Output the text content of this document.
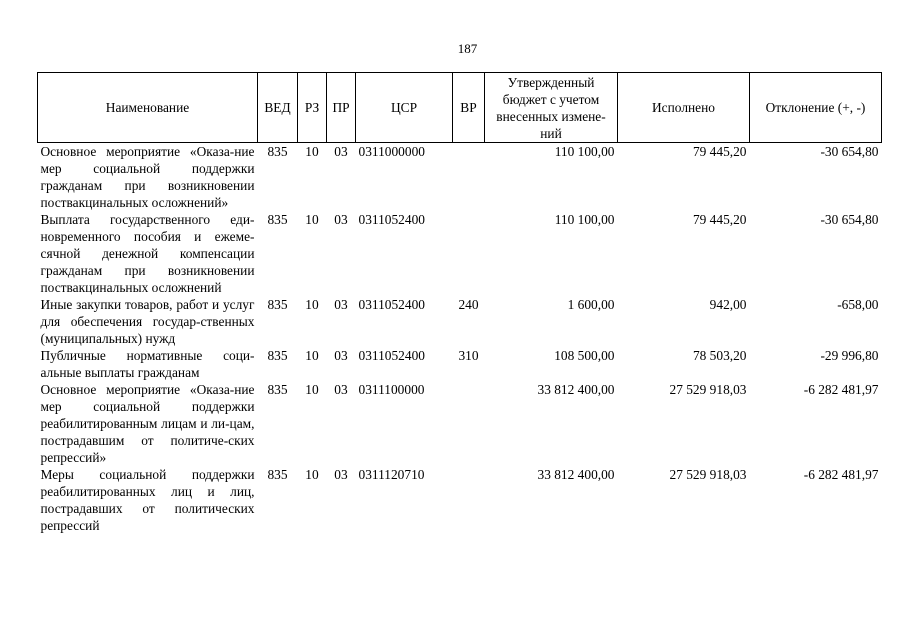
187
Наименование	ВЕД	РЗ	ПР	ЦСР	ВР	Утвержденный бюджет с учетом внесенных измене-ний	Исполнено	Отклонение (+, -)
Основное мероприятие «Оказа-ние мер социальной поддержки гражданам при возникновении поствакцинальных осложнений»	835	10	03	0311000000		110 100,00	79 445,20	-30 654,80
Выплата государственного еди-новременного пособия и ежеме-сячной денежной компенсации гражданам при возникновении поствакцинальных осложнений	835	10	03	0311052400		110 100,00	79 445,20	-30 654,80
Иные закупки товаров, работ и услуг для обеспечения государ-ственных (муниципальных) нужд	835	10	03	0311052400	240	1 600,00	942,00	-658,00
Публичные нормативные соци-альные выплаты гражданам	835	10	03	0311052400	310	108 500,00	78 503,20	-29 996,80
Основное мероприятие «Оказа-ние мер социальной поддержки реабилитированным лицам и ли-цам, пострадавшим от политиче-ских репрессий»	835	10	03	0311100000		33 812 400,00	27 529 918,03	-6 282 481,97
Меры социальной поддержки реабилитированных лиц и лиц, пострадавших от политических репрессий	835	10	03	0311120710		33 812 400,00	27 529 918,03	-6 282 481,97
